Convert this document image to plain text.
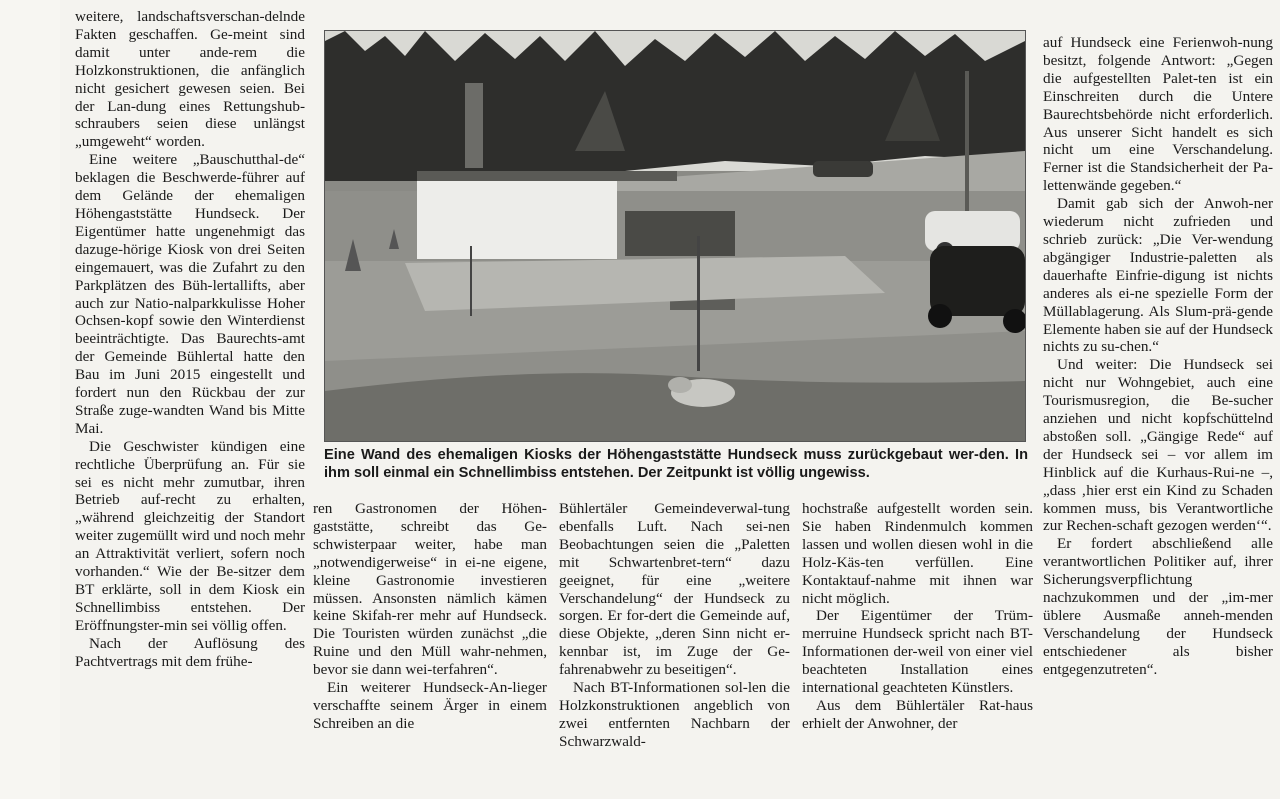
weitere, landschaftsverschan-delnde Fakten geschaffen. Ge-meint sind damit unter ande-rem die Holzkonstruktionen, die anfänglich nicht gesichert gewesen seien. Bei der Lan-dung eines Rettungshub-schraubers seien diese unlängst „umgeweht“ worden.

Eine weitere „Bauschutthal-de“ beklagen die Beschwerde-führer auf dem Gelände der ehemaligen Höhengaststätte Hundseck. Der Eigentümer hatte ungenehmigt das dazuge-hörige Kiosk von drei Seiten eingemauert, was die Zufahrt zu den Parkplätzen des Büh-lertallifts, aber auch zur Natio-nalparkkulisse Hoher Ochsen-kopf sowie den Winterdienst beeinträchtigte. Das Baurechts-amt der Gemeinde Bühlertal hatte den Bau im Juni 2015 eingestellt und fordert nun den Rückbau der zur Straße zuge-wandten Wand bis Mitte Mai.

Die Geschwister kündigen eine rechtliche Überprüfung an. Für sie sei es nicht mehr zumutbar, ihren Betrieb auf-recht zu erhalten, „während gleichzeitig der Standort weiter zugemüllt wird und noch mehr an Attraktivität verliert, sofern noch vorhanden.“ Wie der Be-sitzer dem BT erklärte, soll in dem Kiosk ein Schnellimbiss entstehen. Der Eröffnungster-min sei völlig offen.

Nach der Auflösung des Pachtvertrags mit dem frühe-

Eine Wand des ehemaligen Kiosks der Höhengaststätte Hundseck muss zurückgebaut wer-den. In ihm soll einmal ein Schnellimbiss entstehen. Der Zeitpunkt ist völlig ungewiss.

ren Gastronomen der Höhen-gaststätte, schreibt das Ge-schwisterpaar weiter, habe man „notwendigerweise“ in ei-ne eigene, kleine Gastronomie investieren müssen. Ansonsten nämlich kämen keine Skifah-rer mehr auf Hundseck. Die Touristen würden zunächst „die Ruine und den Müll wahr-nehmen, bevor sie dann wei-terfahren“.

Ein weiterer Hundseck-An-lieger verschaffte seinem Ärger in einem Schreiben an die

Bühlertäler Gemeindeverwal-tung ebenfalls Luft. Nach sei-nen Beobachtungen seien die „Paletten mit Schwartenbret-tern“ dazu geeignet, für eine „weitere Verschandelung“ der Hundseck zu sorgen. Er for-dert die Gemeinde auf, diese Objekte, „deren Sinn nicht er-kennbar ist, im Zuge der Ge-fahrenabwehr zu beseitigen“.

Nach BT-Informationen sol-len die Holzkonstruktionen angeblich von zwei entfernten Nachbarn der Schwarzwald-

hochstraße aufgestellt worden sein. Sie haben Rindenmulch kommen lassen und wollen diesen wohl in die Holz-Käs-ten verfüllen. Eine Kontaktauf-nahme mit ihnen war nicht möglich.

Der Eigentümer der Trüm-merruine Hundseck spricht nach BT-Informationen der-weil von einer viel beachteten Installation eines international geachteten Künstlers.

Aus dem Bühlertäler Rat-haus erhielt der Anwohner, der

auf Hundseck eine Ferienwoh-nung besitzt, folgende Antwort: „Gegen die aufgestellten Palet-ten ist ein Einschreiten durch die Untere Baurechtsbehörde nicht erforderlich. Aus unserer Sicht handelt es sich nicht um eine Verschandelung. Ferner ist die Standsicherheit der Pa-lettenwände gegeben.“

Damit gab sich der Anwoh-ner wiederum nicht zufrieden und schrieb zurück: „Die Ver-wendung abgängiger Industrie-paletten als dauerhafte Einfrie-digung ist nichts anderes als ei-ne spezielle Form der Müllablagerung. Als Slum-prä-gende Elemente haben sie auf der Hundseck nichts zu su-chen.“

Und weiter: Die Hundseck sei nicht nur Wohngebiet, auch eine Tourismusregion, die Be-sucher anziehen und nicht kopfschüttelnd abstoßen soll. „Gängige Rede“ auf der Hundseck sei – vor allem im Hinblick auf die Kurhaus-Rui-ne –, „dass ‚hier erst ein Kind zu Schaden kommen muss, bis Verantwortliche zur Rechen-schaft gezogen werden‘“.

Er fordert abschließend alle verantwortlichen Politiker auf, ihrer Sicherungsverpflichtung nachzukommen und der „im-mer üblere Ausmaße anneh-menden Verschandelung der Hundseck entschiedener als bisher entgegenzutreten“.
